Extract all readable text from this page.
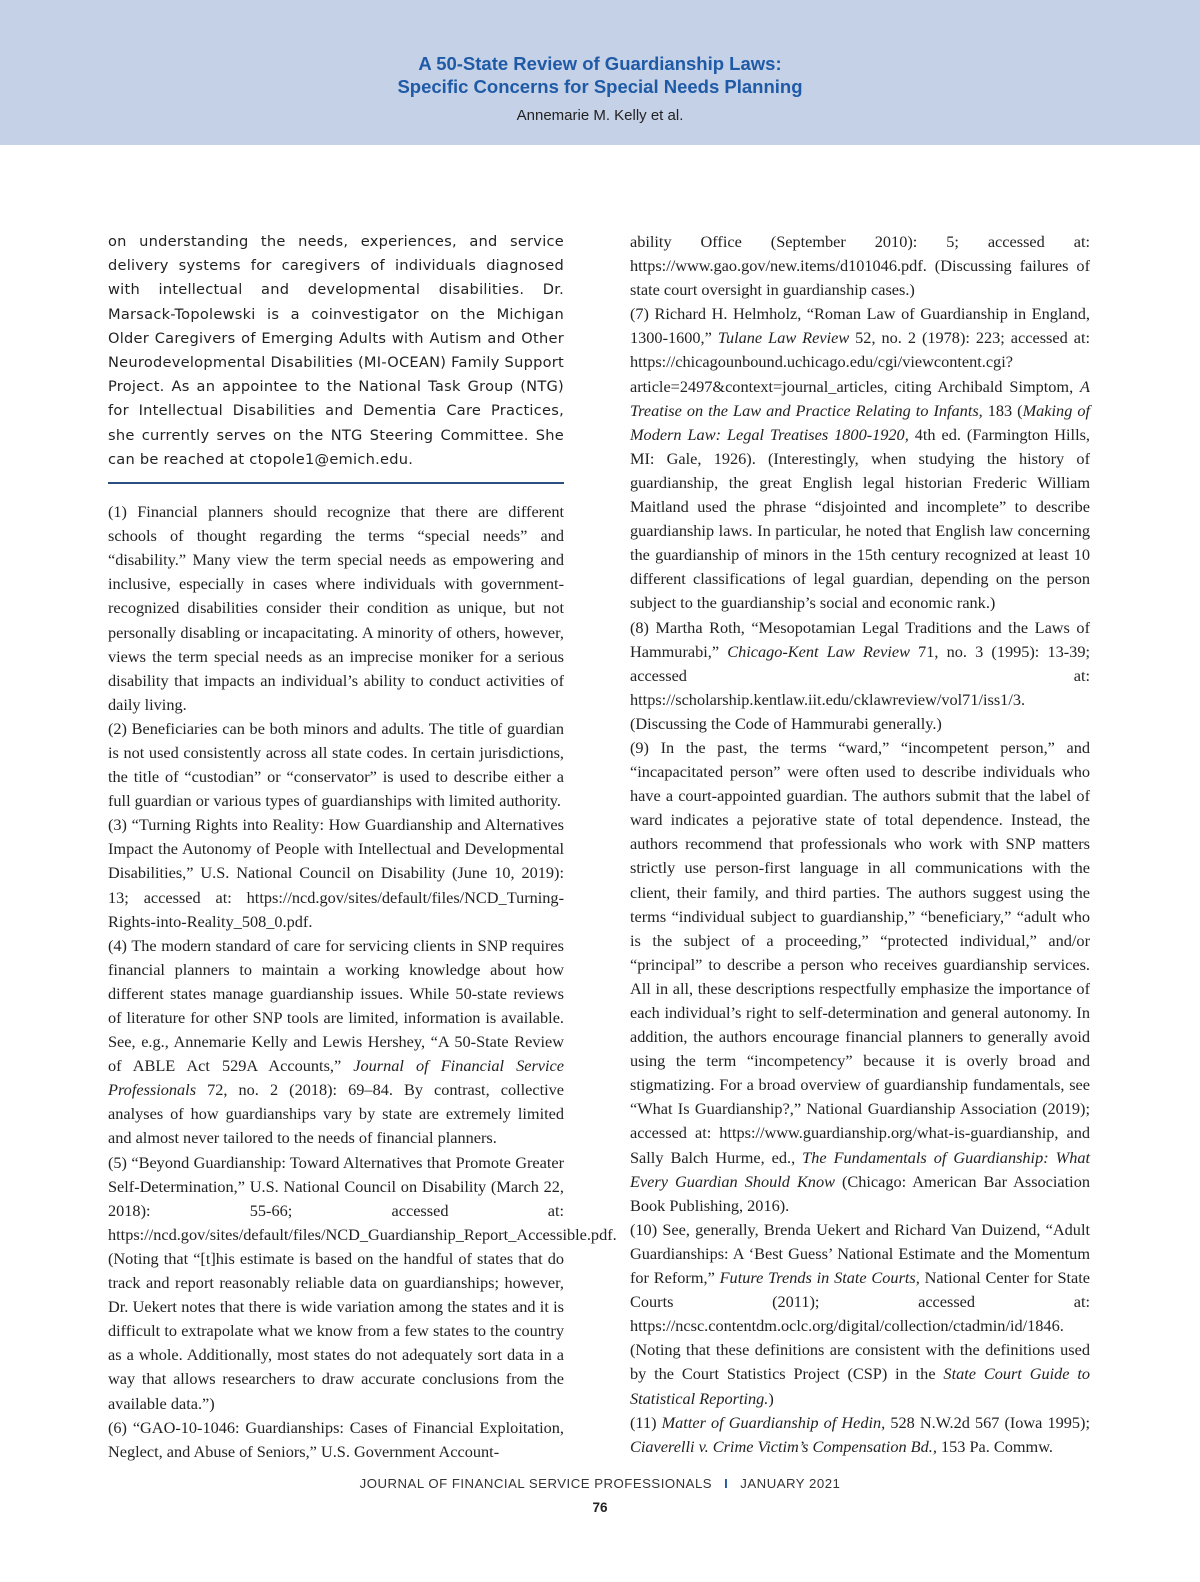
A 50-State Review of Guardianship Laws:
Specific Concerns for Special Needs Planning
Annemarie M. Kelly et al.

on understanding the needs, experiences, and service delivery systems for caregivers of individuals diagnosed with intellectual and developmental disabilities. Dr. Marsack-Topolewski is a coinvestigator on the Michigan Older Caregivers of Emerging Adults with Autism and Other Neurodevelopmental Disabilities (MI-OCEAN) Family Support Project. As an appointee to the National Task Group (NTG) for Intellectual Disabilities and Dementia Care Practices, she currently serves on the NTG Steering Committee. She can be reached at ctopole1@emich.edu.

(1) Financial planners should recognize that there are different schools of thought regarding the terms “special needs” and “disability.” Many view the term special needs as empowering and inclusive, especially in cases where individuals with government-recognized disabilities consider their condition as unique, but not personally disabling or incapacitating. A minority of others, however, views the term special needs as an imprecise moniker for a serious disability that impacts an individual’s ability to conduct activities of daily living.

(2) Beneficiaries can be both minors and adults. The title of guardian is not used consistently across all state codes. In certain jurisdictions, the title of “custodian” or “conservator” is used to describe either a full guardian or various types of guardianships with limited authority.

(3) “Turning Rights into Reality: How Guardianship and Alternatives Impact the Autonomy of People with Intellectual and Developmental Disabilities,” U.S. National Council on Disability (June 10, 2019): 13; accessed at: https://ncd.gov/sites/default/files/NCD_Turning-Rights-into-Reality_508_0.pdf.

(4) The modern standard of care for servicing clients in SNP requires financial planners to maintain a working knowledge about how different states manage guardianship issues. While 50-state reviews of literature for other SNP tools are limited, information is available. See, e.g., Annemarie Kelly and Lewis Hershey, “A 50-State Review of ABLE Act 529A Accounts,” Journal of Financial Service Professionals 72, no. 2 (2018): 69–84. By contrast, collective analyses of how guardianships vary by state are extremely limited and almost never tailored to the needs of financial planners.

(5) “Beyond Guardianship: Toward Alternatives that Promote Greater Self-Determination,” U.S. National Council on Disability (March 22, 2018): 55-66; accessed at: https://ncd.gov/sites/default/files/NCD_Guardianship_Report_Accessible.pdf. (Noting that “[t]his estimate is based on the handful of states that do track and report reasonably reliable data on guardianships; however, Dr. Uekert notes that there is wide variation among the states and it is difficult to extrapolate what we know from a few states to the country as a whole. Additionally, most states do not adequately sort data in a way that allows researchers to draw accurate conclusions from the available data.”)

(6) “GAO-10-1046: Guardianships: Cases of Financial Exploitation, Neglect, and Abuse of Seniors,” U.S. Government Account-

ability Office (September 2010): 5; accessed at: https://www.gao.gov/new.items/d101046.pdf. (Discussing failures of state court oversight in guardianship cases.)

(7) Richard H. Helmholz, “Roman Law of Guardianship in England, 1300-1600,” Tulane Law Review 52, no. 2 (1978): 223; accessed at: https://chicagounbound.uchicago.edu/cgi/viewcontent.cgi?article=2497&context=journal_articles, citing Archibald Simptom, A Treatise on the Law and Practice Relating to Infants, 183 (Making of Modern Law: Legal Treatises 1800-1920, 4th ed. (Farmington Hills, MI: Gale, 1926). (Interestingly, when studying the history of guardianship, the great English legal historian Frederic William Maitland used the phrase “disjointed and incomplete” to describe guardianship laws. In particular, he noted that English law concerning the guardianship of minors in the 15th century recognized at least 10 different classifications of legal guardian, depending on the person subject to the guardianship’s social and economic rank.)

(8) Martha Roth, “Mesopotamian Legal Traditions and the Laws of Hammurabi,” Chicago-Kent Law Review 71, no. 3 (1995): 13-39; accessed at: https://scholarship.kentlaw.iit.edu/cklawreview/vol71/iss1/3. (Discussing the Code of Hammurabi generally.)

(9) In the past, the terms “ward,” “incompetent person,” and “incapacitated person” were often used to describe individuals who have a court-appointed guardian. The authors submit that the label of ward indicates a pejorative state of total dependence. Instead, the authors recommend that professionals who work with SNP matters strictly use person-first language in all communications with the client, their family, and third parties. The authors suggest using the terms “individual subject to guardianship,” “beneficiary,” “adult who is the subject of a proceeding,” “protected individual,” and/or “principal” to describe a person who receives guardianship services. All in all, these descriptions respectfully emphasize the importance of each individual’s right to self-determination and general autonomy. In addition, the authors encourage financial planners to generally avoid using the term “incompetency” because it is overly broad and stigmatizing. For a broad overview of guardianship fundamentals, see “What Is Guardianship?,” National Guardianship Association (2019); accessed at: https://www.guardianship.org/what-is-guardianship, and Sally Balch Hurme, ed., The Fundamentals of Guardianship: What Every Guardian Should Know (Chicago: American Bar Association Book Publishing, 2016).

(10) See, generally, Brenda Uekert and Richard Van Duizend, “Adult Guardianships: A ‘Best Guess’ National Estimate and the Momentum for Reform,” Future Trends in State Courts, National Center for State Courts (2011); accessed at: https://ncsc.contentdm.oclc.org/digital/collection/ctadmin/id/1846. (Noting that these definitions are consistent with the definitions used by the Court Statistics Project (CSP) in the State Court Guide to Statistical Reporting.)

(11) Matter of Guardianship of Hedin, 528 N.W.2d 567 (Iowa 1995); Ciaverelli v. Crime Victim’s Compensation Bd., 153 Pa. Commw.

JOURNAL OF FINANCIAL SERVICE PROFESSIONALS I JANUARY 2021
76
